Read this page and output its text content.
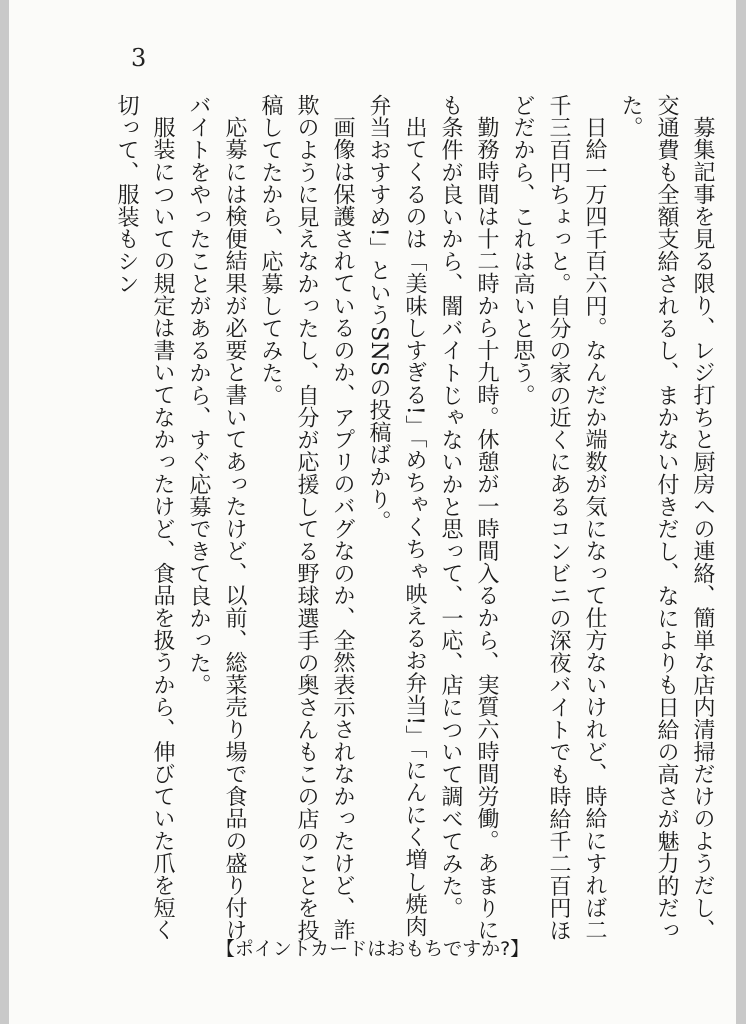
3

募集記事を見る限り、レジ打ちと厨房への連絡、簡単な店内清掃だけのようだし、交通費も全額支給されるし、まかない付きだし、なによりも日給の高さが魅力的だった。

日給一万四千百六円。なんだか端数が気になって仕方ないけれど、時給にすれば二千三百円ちょっと。自分の家の近くにあるコンビニの深夜バイトでも時給千二百円ほどだから、これは高いと思う。

勤務時間は十二時から十九時。休憩が一時間入るから、実質六時間労働。あまりにも条件が良いから、闇バイトじゃないかと思って、一応、店について調べてみた。

出てくるのは「美味しすぎる!」「めちゃくちゃ映えるお弁当!」「にんにく増し焼肉弁当おすすめ!」というSNSの投稿ばかり。

画像は保護されているのか、アプリのバグなのか、全然表示されなかったけど、詐欺のように見えなかったし、自分が応援してる野球選手の奥さんもこの店のことを投稿してたから、応募してみた。

応募には検便結果が必要と書いてあったけど、以前、総菜売り場で食品の盛り付けバイトをやったことがあるから、すぐ応募できて良かった。

服装についての規定は書いてなかったけど、食品を扱うから、伸びていた爪を短く切って、服装もシン

【ポイントカードはおもちですか?】
